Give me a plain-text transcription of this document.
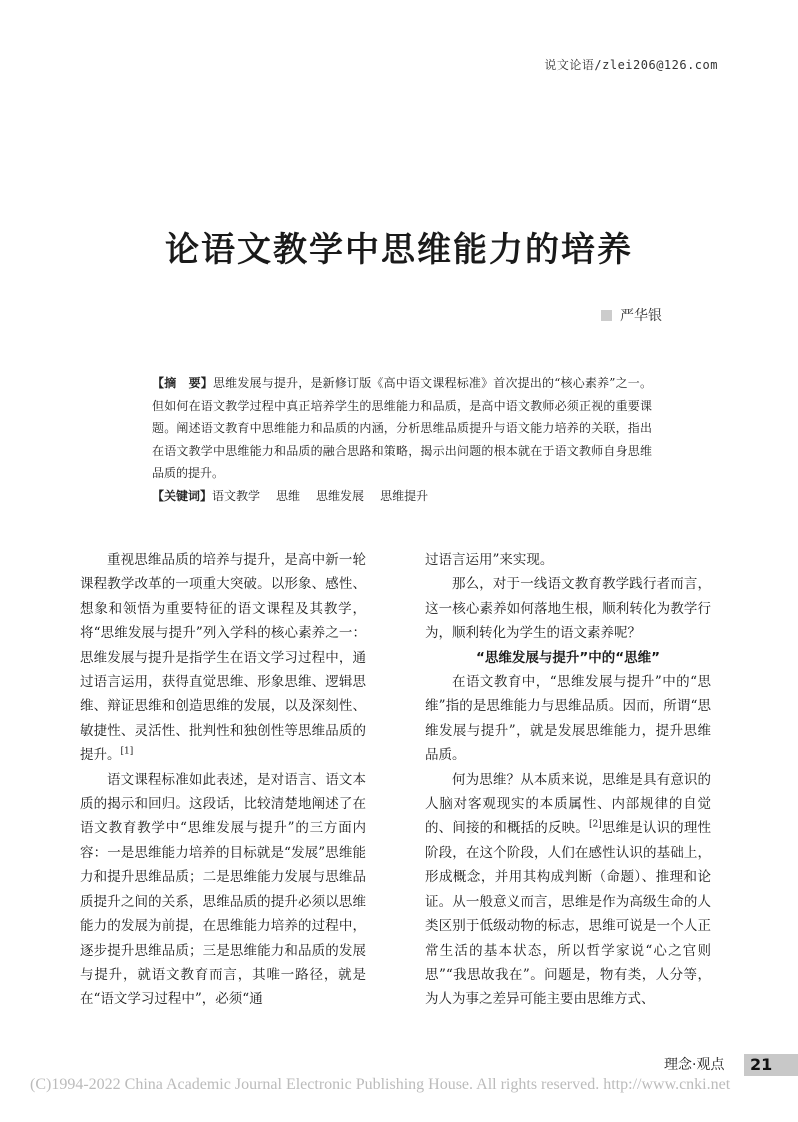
说文论语/zlei206@126.com
论语文教学中思维能力的培养
严华银

【摘　要】思维发展与提升，是新修订版《高中语文课程标准》首次提出的“核心素养”之一。但如何在语文教学过程中真正培养学生的思维能力和品质，是高中语文教师必须正视的重要课题。阐述语文教育中思维能力和品质的内涵，分析思维品质提升与语文能力培养的关联，指出在语文教学中思维能力和品质的融合思路和策略，揭示出问题的根本就在于语文教师自身思维品质的提升。

【关键词】语文教学 思维 思维发展 思维提升

重视思维品质的培养与提升，是高中新一轮课程教学改革的一项重大突破。以形象、感性、想象和领悟为重要特征的语文课程及其教学，将“思维发展与提升”列入学科的核心素养之一：思维发展与提升是指学生在语文学习过程中，通过语言运用，获得直觉思维、形象思维、逻辑思维、辩证思维和创造思维的发展，以及深刻性、敏捷性、灵活性、批判性和独创性等思维品质的提升。[1]

语文课程标准如此表述，是对语言、语文本质的揭示和回归。这段话，比较清楚地阐述了在语文教育教学中“思维发展与提升”的三方面内容：一是思维能力培养的目标就是“发展”思维能力和提升思维品质；二是思维能力发展与思维品质提升之间的关系，思维品质的提升必须以思维能力的发展为前提，在思维能力培养的过程中，逐步提升思维品质；三是思维能力和品质的发展与提升，就语文教育而言，其唯一路径，就是在“语文学习过程中”，必须“通

过语言运用”来实现。

那么，对于一线语文教育教学践行者而言，这一核心素养如何落地生根，顺利转化为教学行为，顺利转化为学生的语文素养呢？

“思维发展与提升”中的“思维”

在语文教育中，“思维发展与提升”中的“思维”指的是思维能力与思维品质。因而，所谓“思维发展与提升”，就是发展思维能力，提升思维品质。

何为思维？从本质来说，思维是具有意识的人脑对客观现实的本质属性、内部规律的自觉的、间接的和概括的反映。[2]思维是认识的理性阶段，在这个阶段，人们在感性认识的基础上，形成概念，并用其构成判断（命题）、推理和论证。从一般意义而言，思维是作为高级生命的人类区别于低级动物的标志，思维可说是一个人正常生活的基本状态，所以哲学家说“心之官则思”“我思故我在”。问题是，物有类，人分等，为人为事之差异可能主要由思维方式、

理念·观点	21
(C)1994-2022 China Academic Journal Electronic Publishing House. All rights reserved. http://www.cnki.net
